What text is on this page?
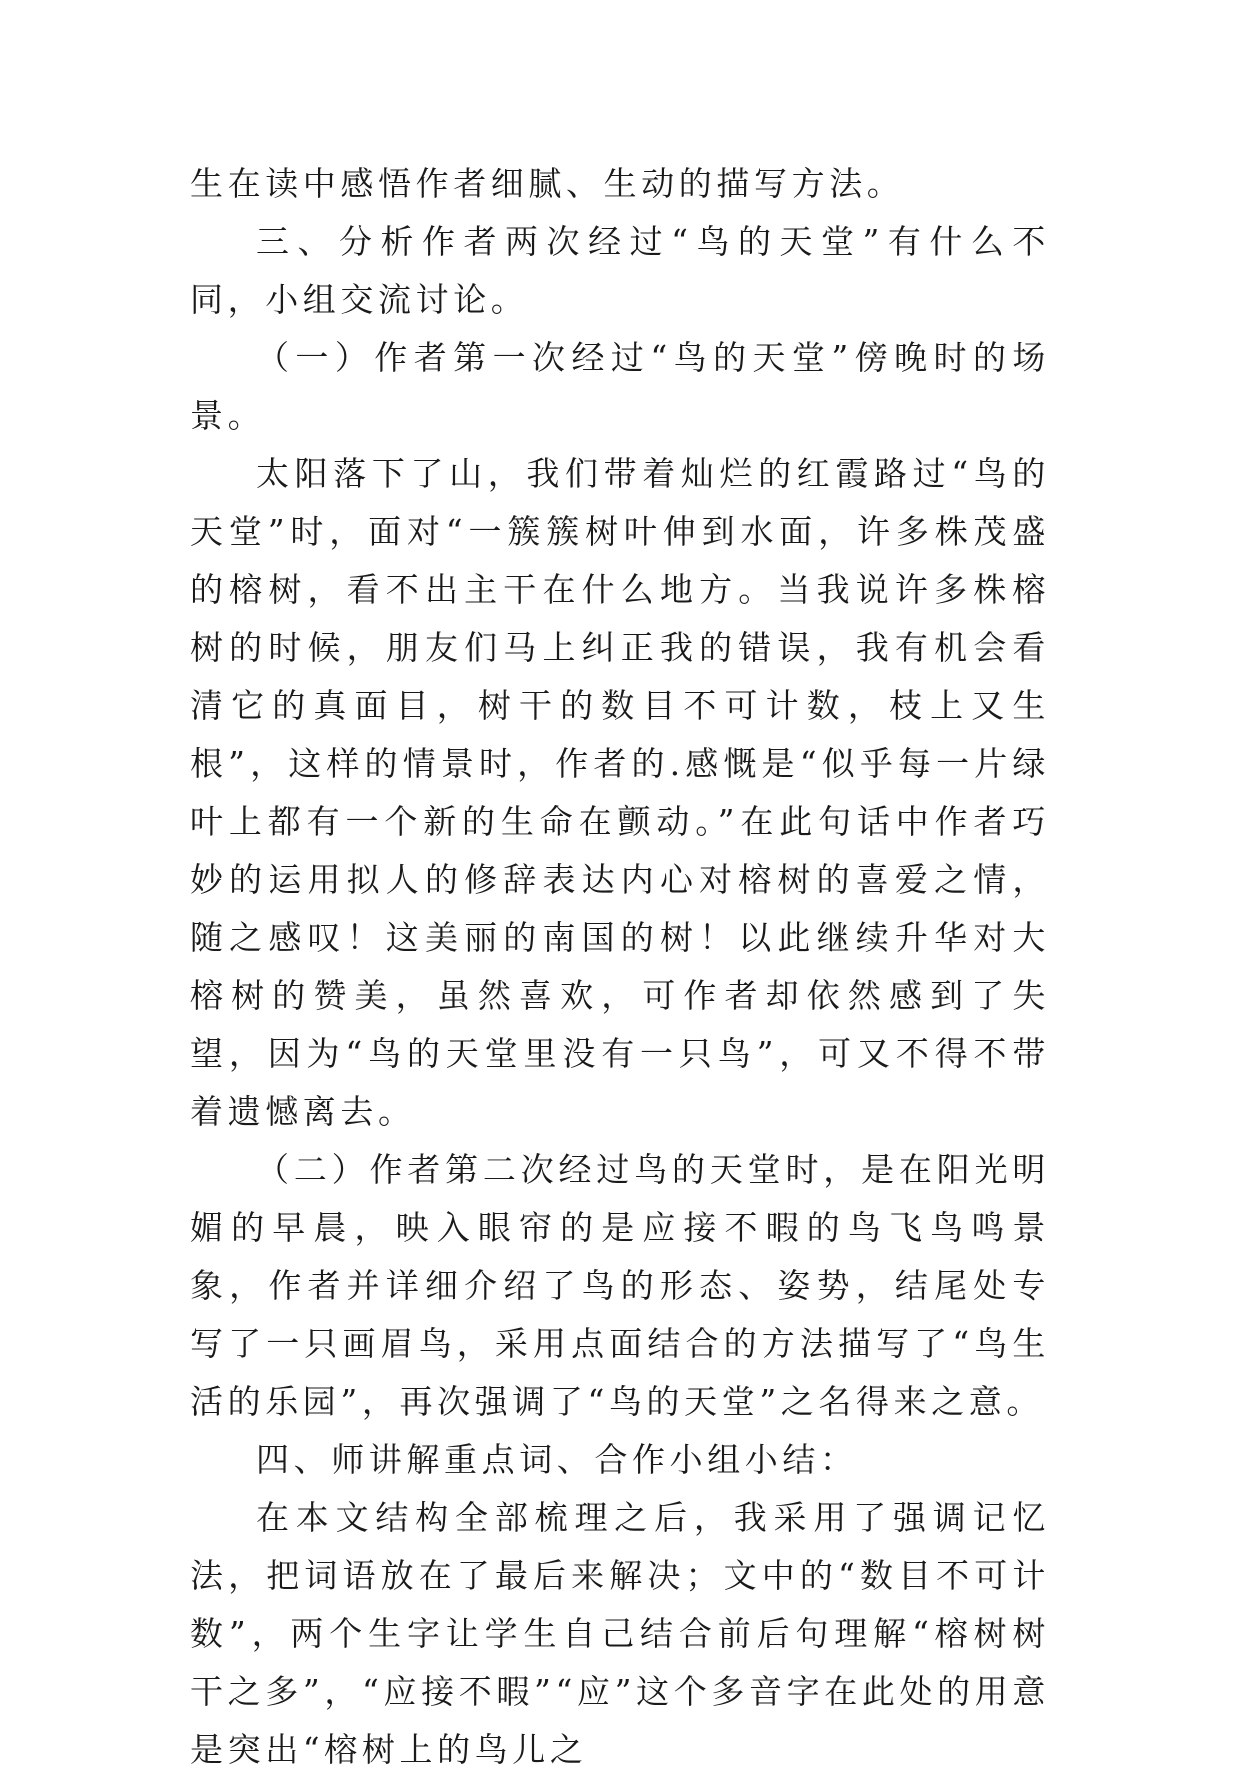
生在读中感悟作者细腻、生动的描写方法。

三、分析作者两次经过“鸟的天堂”有什么不同，小组交流讨论。

（一）作者第一次经过“鸟的天堂”傍晚时的场景。

太阳落下了山，我们带着灿烂的红霞路过“鸟的天堂”时，面对“一簇簇树叶伸到水面，许多株茂盛的榕树，看不出主干在什么地方。当我说许多株榕树的时候，朋友们马上纠正我的错误，我有机会看清它的真面目，树干的数目不可计数，枝上又生根”，这样的情景时，作者的.感慨是“似乎每一片绿叶上都有一个新的生命在颤动。”在此句话中作者巧妙的运用拟人的修辞表达内心对榕树的喜爱之情，随之感叹！这美丽的南国的树！以此继续升华对大榕树的赞美，虽然喜欢，可作者却依然感到了失望，因为“鸟的天堂里没有一只鸟”，可又不得不带着遗憾离去。

（二）作者第二次经过鸟的天堂时，是在阳光明媚的早晨，映入眼帘的是应接不暇的鸟飞鸟鸣景象，作者并详细介绍了鸟的形态、姿势，结尾处专写了一只画眉鸟，采用点面结合的方法描写了“鸟生活的乐园”，再次强调了“鸟的天堂”之名得来之意。

四、师讲解重点词、合作小组小结：

在本文结构全部梳理之后，我采用了强调记忆法，把词语放在了最后来解决；文中的“数目不可计数”，两个生字让学生自己结合前后句理解“榕树树干之多”，“应接不暇”“应”这个多音字在此处的用意是突出“榕树上的鸟儿之
